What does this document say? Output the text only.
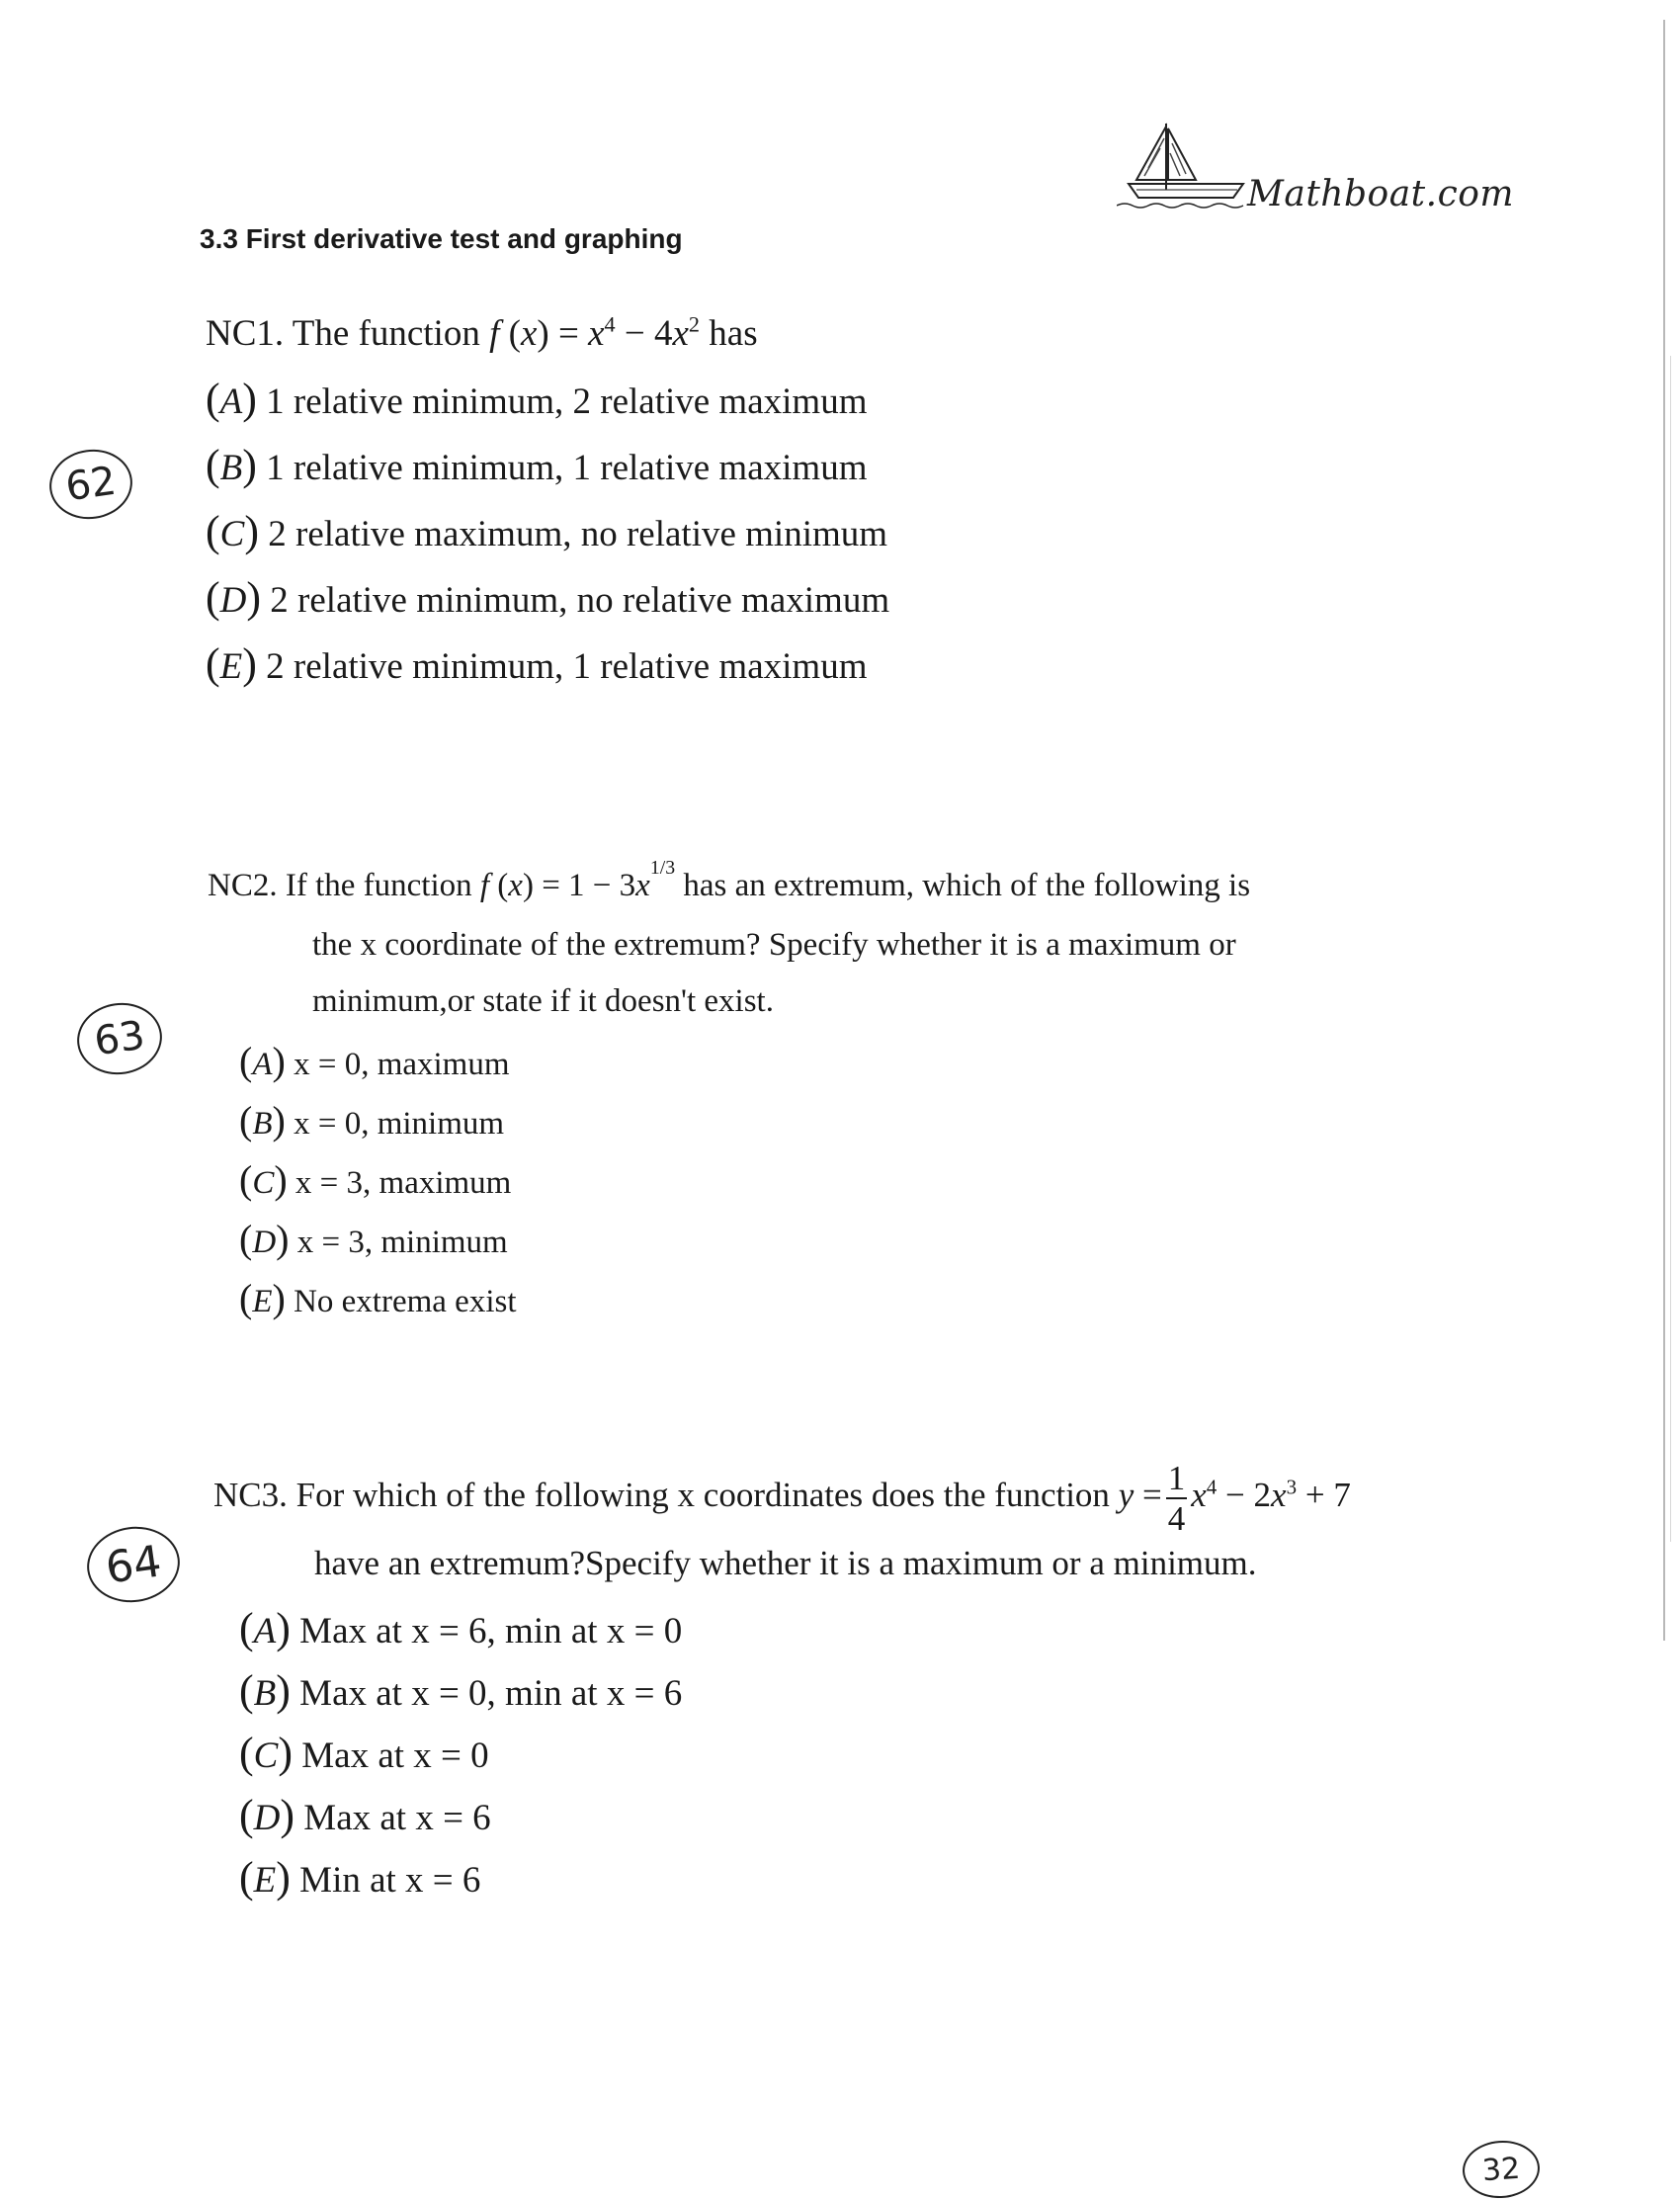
Mathboat.com
3.3 First derivative test and graphing
NC1. The function f $(x) = x^4 - 4x^2$ has
(A) 1 relative minimum, 2 relative maximum
(B) 1 relative minimum, 1 relative maximum
(C) 2 relative maximum, no relative minimum
(D) 2 relative minimum, no relative maximum
(E) 2 relative minimum, 1 relative maximum
62
NC2. If the function f $(x) = 1 - 3x^{1/3}$ has an extremum, which of the following is
the x coordinate of the extremum? Specify whether it is a maximum or
minimum,or state if it doesn't exist.
(A) x = 0, maximum
(B) x = 0, minimum
(C) x = 3, maximum
(D) x = 3, minimum
(E) No extrema exist
63
NC3. For which of the following x coordinates does the function $y = \frac{1}{4} x^4 - 2x^3 + 7$
have an extremum?Specify whether it is a maximum or a minimum.
(A) Max at x = 6, min at x = 0
(B) Max at x = 0, min at x = 6
(C) Max at x = 0
(D) Max at x = 6
(E) Min at x = 6
64
32
